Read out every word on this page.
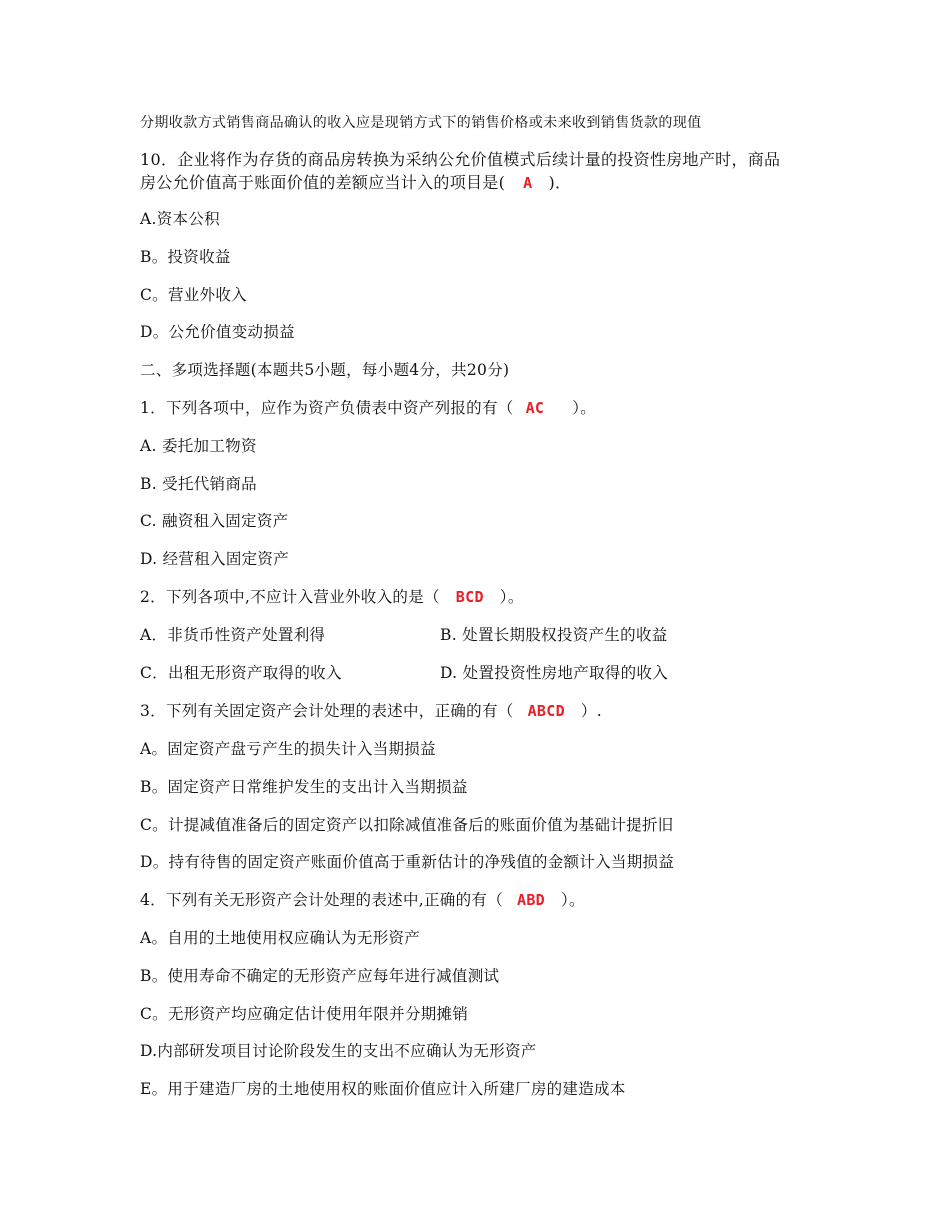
分期收款方式销售商品确认的收入应是现销方式下的销售价格或未来收到销售货款的现值
10．企业将作为存货的商品房转换为采纳公允价值模式后续计量的投资性房地产时，商品
房公允价值高于账面价值的差额应当计入的项目是( A )．
A.资本公积
B。投资收益
C。营业外收入
D。公允价值变动损益
二、多项选择题(本题共5小题，每小题4分，共20分)
1．下列各项中，应作为资产负债表中资产列报的有（ AC ）。
A. 委托加工物资
B. 受托代销商品
C. 融资租入固定资产
D. 经营租入固定资产
2．下列各项中,不应计入营业外收入的是（ BCD ）。
A．非货币性资产处置利得	B. 处置长期股权投资产生的收益
C．出租无形资产取得的收入	D. 处置投资性房地产取得的收入
3．下列有关固定资产会计处理的表述中，正确的有（ ABCD ）.
A。固定资产盘亏产生的损失计入当期损益
B。固定资产日常维护发生的支出计入当期损益
C。计提减值准备后的固定资产以扣除减值准备后的账面价值为基础计提折旧
D。持有待售的固定资产账面价值高于重新估计的净残值的金额计入当期损益
4．下列有关无形资产会计处理的表述中,正确的有（ ABD ）。
A。自用的土地使用权应确认为无形资产
B。使用寿命不确定的无形资产应每年进行减值测试
C。无形资产均应确定估计使用年限并分期摊销
D.内部研发项目讨论阶段发生的支出不应确认为无形资产
E。用于建造厂房的土地使用权的账面价值应计入所建厂房的建造成本
